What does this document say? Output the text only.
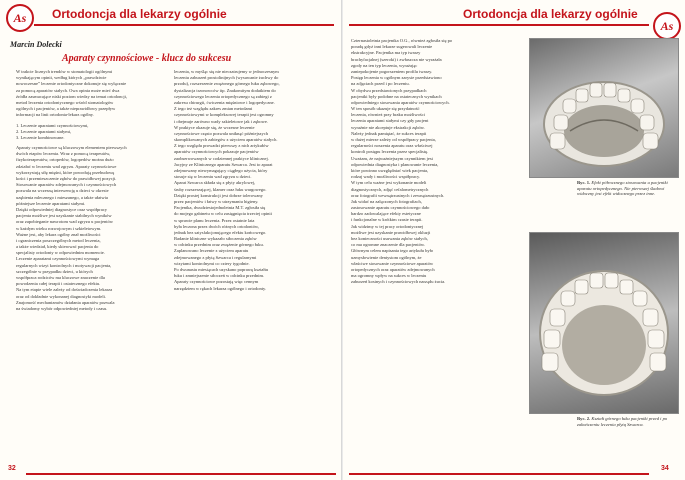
As	Ortodoncja dla lekarzy ogólnie
Marcin Dolecki
Aparaty czynnościowe - klucz do sukcesu
W trakcie licznych trendów w stomatologii ogólnymi
wynikającym opinii, według których „prawdziwie
nowoczesne” leczenie ortodontyczne dokonuje się wyłącznie
za pomocą aparatów stałych. Owa opinia może mieć dwa
źródła zasmucające niski poziom wiedzy na temat ortodoncji,
metod leczenia ortodontycznego wśród stomatologów
ogólnych i pacjentów, a także nieprawidłowy przepływ
informacji na linii ortodonta-lekarz ogólny.
1. Leczenie aparatami czynnościowymi,
2. Leczenie aparatami stałymi,
3. Leczenie kombinowane.
Aparaty czynnościowe są kluczowym elementem pierwszych
dwóch etapów leczenia. Wraz z pomocą terapeutów,
fizykoterapeutów, ortopedów, logopedów można dużo
zdziałać w leczeniu wad zgryzu. Aparaty czynnościowe
wykorzystują siłę mięśni, które powodują przebudowę
kości i przemieszczenie zębów do prawidłowej pozycji.
Stosowanie aparatów zdejmowanych i czynnościowych
pozwala na wczesną interwencję u dzieci w okresie
uzębienia mlecznego i mieszanego, a także ułatwia
późniejsze leczenie aparatami stałymi.
Dzięki odpowiedniej diagnostyce oraz współpracy
pacjenta możliwe jest uzyskanie stabilnych wyników
oraz zapobieganie nawrotom wad zgryzu u pacjentów
w każdym wieku rozwojowym i szkieletowym.
Ważne jest, aby lekarz ogólny znał możliwości
i ograniczenia poszczególnych metod leczenia,
a także wiedział, kiedy skierować pacjenta do
specjalisty ortodonty w odpowiednim momencie.
Leczenie aparatami czynnościowymi wymaga
regularnych wizyt kontrolnych i motywacji pacjenta,
szczególnie w przypadku dzieci, u których
współpraca rodziców ma kluczowe znaczenie dla
powodzenia całej terapii i ostatecznego efektu.
Na tym etapie wiele zależy od doświadczenia lekarza
oraz od dokładnie wykonanej diagnostyki modeli.
Znajomość mechanizmów działania aparatów pozwala
na świadomy wybór odpowiedniej metody i czasu.
leczenia, w myśląc się nie nieczatrujemy w jednoczesnym
leczeniu zaburzeń prostolinijnych (wysuwanie żuchwy do
przodu), rozszerzenie zwężonego górnego łuku zębowego,
dystalizacja trzonowców itp. Znakomitym dodatkiem do
czynnościowego leczenia ortopedycznego są zabiegi z
zakresu chirurgii, ćwiczenia mięśniowe i logopedyczne.
Z tego też względu zakres zmian metodami
czynnościowymi w kompleksowej terapii jest ogromny
i obejmuje zarówno wady szkieletowe jak i zębowe.
W praktyce okazuje się, że wczesne leczenie
czynnościowe często pozwala uniknąć późniejszych
skomplikowanych zabiegów z użyciem aparatów stałych.
Z tego względu prowadzi pierwszy z nich artykułów
aparatów czynnościowych pokazuje pacjentów
zaobserwowanych w codziennej praktyce klinicznej.
Jacyjny ze Klinicznego aparatu Szwarca. Jest to aparat
zdejmowany niewymagający ciągłego użycia, który
stosuje się w leczeniu wad zgryzu u dzieci.
Aparat Szwarca składa się z płyty akrylowej,
śruby rozszerzającej, klamer oraz łuku wargowego.
Dzięki prostej konstrukcji jest dobrze tolerowany
przez pacjentów i łatwy w utrzymaniu higieny.
Pacjentka, dwudziestojednoletnia M.T. zgłosiła się
do mojego gabinetu w celu zasięgnięcia trzeciej opinii
w sprawie planu leczenia. Przez ostatnie lata
była leczona przez dwóch różnych ortodontów,
jednak bez satysfakcjonującego efektu końcowego.
Badanie kliniczne wykazało stłoczenia zębów
w odcinku przednim oraz zwężenie górnego łuku.
Zaplanowano leczenie z użyciem aparatu
zdejmowanego z płytą Szwarca i regularnymi
wizytami kontrolnymi co cztery tygodnie.
Po dwunastu miesiącach uzyskano poprawę kształtu
łuku i zmniejszenie stłoczeń w odcinku przednim.
Aparaty czynnościowe pozostają więc cennym
narzędziem w rękach lekarza ogólnego i ortodonty.
32
Ortodoncja dla lekarzy ogólnie
As
Czternastoletnia pacjentka O.G., również zgłosiła się po
poradę gdyż inni lekarze sugerowali leczenie
ekstrakcyjne. Pacjentka ma typ twarzy
brachyfacjalnej (szeroki) i zwłaszcza nie wyrażała
zgody na ten typ leczenia, wyrażając
zaniepokojenie pogorszeniem profilu twarzy.
Postęp leczenia w ogólnym zarysie przedstawiono
na zdjęciach przed i po leczeniu.
W obydwu przedstawionych przypadkach
pacjentki były podobne na ostatecznych wynikach
odpowiedniego stosowania aparatów czynnościowych.
W ten sposób ukazuje się przydatność
leczenia, również przy braku możliwości
leczenia aparatami stałymi czy gdy pacjent
wyraźnie nie akceptuje ekstrakcji zębów.
Należy jednak pamiętać, że sukces terapii
w dużej mierze zależy od współpracy pacjenta,
regularności noszenia aparatu oraz właściwej
kontroli postępu leczenia przez specjalistę.
Uważam, że najważniejszym czynnikiem jest
odpowiednia diagnostyka i planowanie leczenia,
które powinno uwzględniać wiek pacjenta,
rodzaj wady i możliwości współpracy.
W tym celu ważne jest wykonanie modeli
diagnostycznych, zdjęć cefalometrycznych
oraz fotografii wewnątrzustnych i zewnątrzustnych.
Jak widać na załączonych fotografiach,
zastosowanie aparatu czynnościowego dało
bardzo zadowalające efekty estetyczne
i funkcjonalne w krótkim czasie terapii.
Jak widzimy w tej pracy ortodontycznej
możliwe jest uzyskanie prawidłowej okluzji
bez konieczności usuwania zębów stałych,
co ma ogromne znaczenie dla pacjentów.
Głównym celem napisania tego artykułu było
uzmysłowienie dentystom ogólnym, że
właściwe stosowanie czynnościowe aparatów
ortopedycznych oraz aparatów zdejmowanych
ma ogromny wpływ na sukces w leczeniu
zaburzeń kostnych i czynnościowych narządu żucia.
Ryc. 1. Efekt półrocznego stosowania u pacjentki aparatu ortopedycznego. Nie pierwszej śladowi widoczny jest efekt widocznego przez inne.
Ryc. 2. Kształt górnego łuku pacjentki przed i po zakończeniu leczenia płytą Szwarca.
34
